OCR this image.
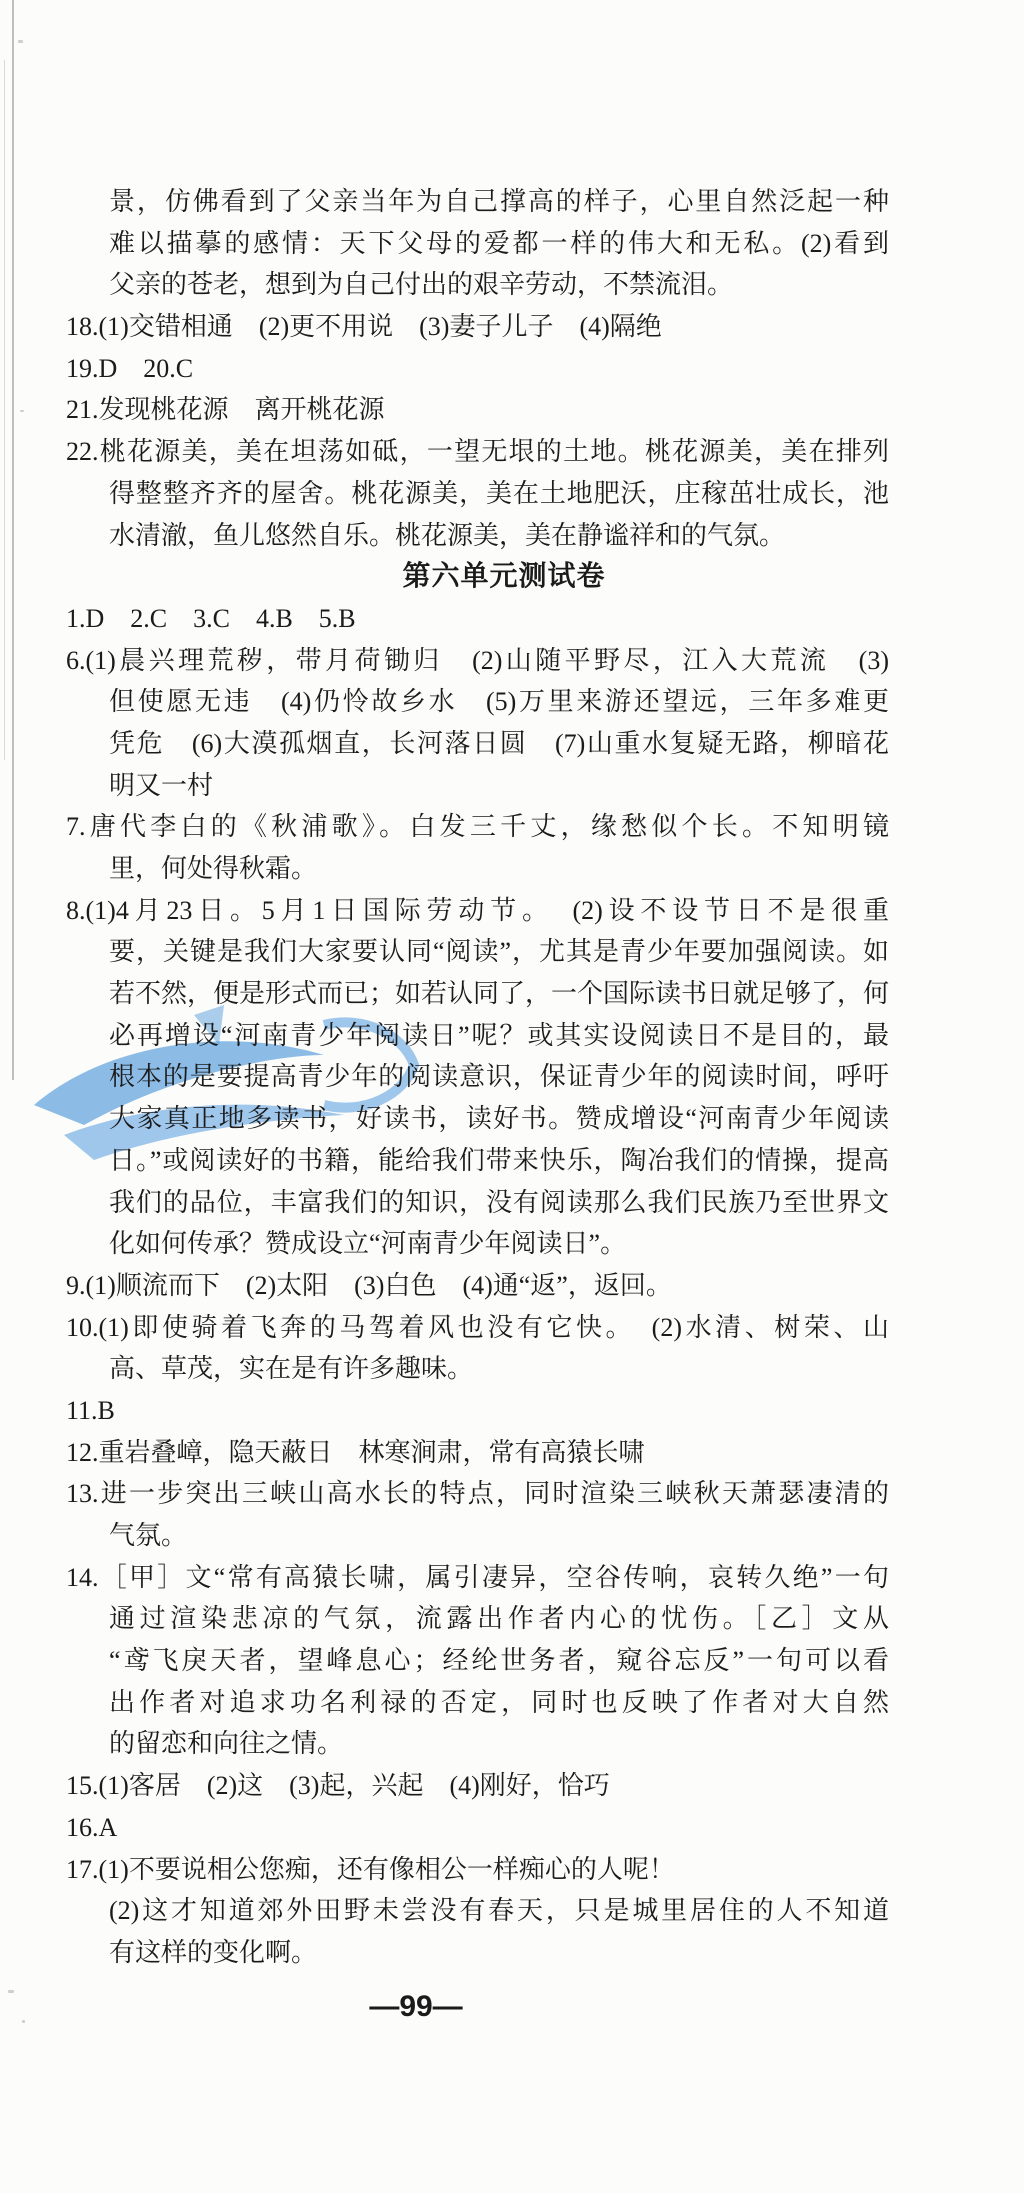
景，仿佛看到了父亲当年为自己撑高的样子，心里自然泛起一种
难以描摹的感情：天下父母的爱都一样的伟大和无私。(2)看到
父亲的苍老，想到为自己付出的艰辛劳动，不禁流泪。
18.(1)交错相通　(2)更不用说　(3)妻子儿子　(4)隔绝
19.D　20.C
21.发现桃花源　离开桃花源
22.桃花源美，美在坦荡如砥，一望无垠的土地。桃花源美，美在排列
得整整齐齐的屋舍。桃花源美，美在土地肥沃，庄稼茁壮成长，池
水清澈，鱼儿悠然自乐。桃花源美，美在静谧祥和的气氛。
第六单元测试卷
1.D　2.C　3.C　4.B　5.B
6.(1)晨兴理荒秽，带月荷锄归　(2)山随平野尽，江入大荒流　(3)
但使愿无违　(4)仍怜故乡水　(5)万里来游还望远，三年多难更
凭危　(6)大漠孤烟直，长河落日圆　(7)山重水复疑无路，柳暗花
明又一村
7.唐代李白的《秋浦歌》。白发三千丈，缘愁似个长。不知明镜
里，何处得秋霜。
8.(1)4月23日。5月1日国际劳动节。　(2)设不设节日不是很重
要，关键是我们大家要认同“阅读”，尤其是青少年要加强阅读。如
若不然，便是形式而已；如若认同了，一个国际读书日就足够了，何
必再增设“河南青少年阅读日”呢？或其实设阅读日不是目的，最
根本的是要提高青少年的阅读意识，保证青少年的阅读时间，呼吁
大家真正地多读书，好读书，读好书。赞成增设“河南青少年阅读
日。”或阅读好的书籍，能给我们带来快乐，陶冶我们的情操，提高
我们的品位，丰富我们的知识，没有阅读那么我们民族乃至世界文
化如何传承？赞成设立“河南青少年阅读日”。
9.(1)顺流而下　(2)太阳　(3)白色　(4)通“返”，返回。
10.(1)即使骑着飞奔的马驾着风也没有它快。　(2)水清、树荣、山
高、草茂，实在是有许多趣味。
11.B
12.重岩叠嶂，隐天蔽日　林寒涧肃，常有高猿长啸
13.进一步突出三峡山高水长的特点，同时渲染三峡秋天萧瑟凄清的
气氛。
14.［甲］文“常有高猿长啸，属引凄异，空谷传响，哀转久绝”一句
通过渲染悲凉的气氛，流露出作者内心的忧伤。［乙］文从
“鸢飞戾天者，望峰息心；经纶世务者，窥谷忘反”一句可以看
出作者对追求功名利禄的否定，同时也反映了作者对大自然
的留恋和向往之情。
15.(1)客居　(2)这　(3)起，兴起　(4)刚好，恰巧
16.A
17.(1)不要说相公您痴，还有像相公一样痴心的人呢！
(2)这才知道郊外田野未尝没有春天，只是城里居住的人不知道
有这样的变化啊。
—99—
